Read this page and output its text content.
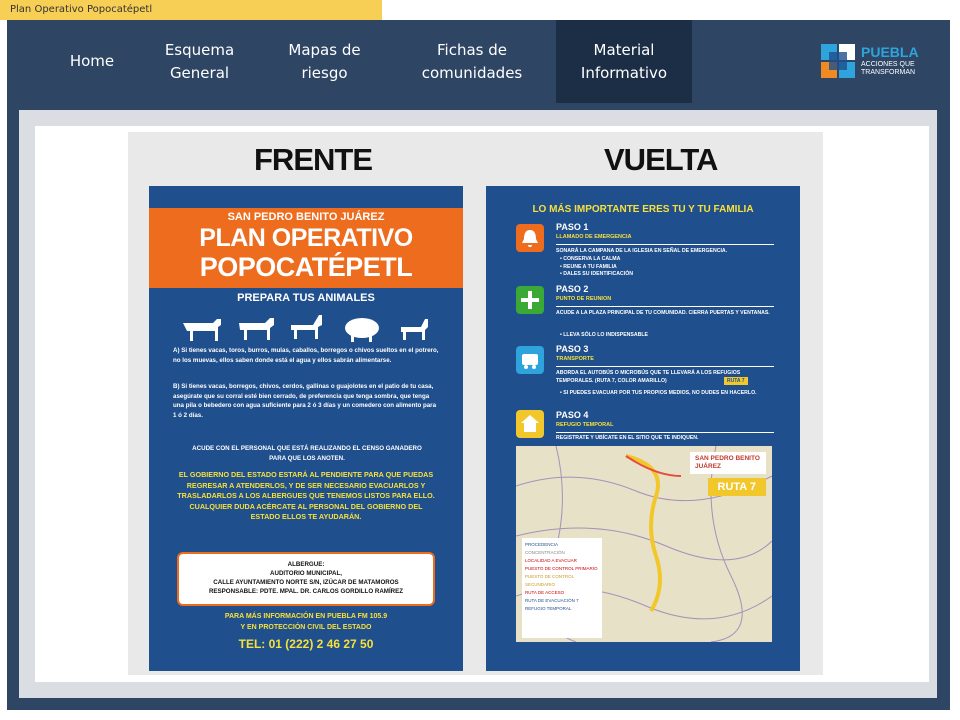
Plan Operativo Popocatépetl
Home
Esquema General
Mapas de riesgo
Fichas de comunidades
Material Informativo
PUEBLA
ACCIONES QUE
TRANSFORMAN
FRENTE	VUELTA
SAN PEDRO BENITO JUÁREZ
PLAN OPERATIVO
POPOCATÉPETL
PREPARA TUS ANIMALES
A) Si tienes vacas, toros, burros, mulas, caballos, borregos o chivos sueltos en el potrero, no los muevas, ellos saben donde está el agua y ellos sabrán alimentarse.
B) Si tienes vacas, borregos, chivos, cerdos, gallinas o guajolotes en el patio de tu casa, asegúrate que su corral esté bien cerrado, de preferencia que tenga sombra, que tenga una pila o bebedero con agua suficiente para 2 ó 3 días y un comedero con alimento para 1 ó 2 días.
ACUDE CON EL PERSONAL QUE ESTÁ REALIZANDO EL CENSO GANADERO PARA QUE LOS ANOTEN.
EL GOBIERNO DEL ESTADO ESTARÁ AL PENDIENTE PARA QUE PUEDAS REGRESAR A ATENDERLOS, Y DE SER NECESARIO EVACUARLOS Y TRASLADARLOS A LOS ALBERGUES QUE TENEMOS LISTOS PARA ELLO. CUALQUIER DUDA ACÉRCATE AL PERSONAL DEL GOBIERNO DEL ESTADO ELLOS TE AYUDARÁN.
ALBERGUE:
AUDITORIO MUNICIPAL,
CALLE AYUNTAMIENTO NORTE S/N, IZÚCAR DE MATAMOROS
RESPONSABLE: PDTE. MPAL. DR. CARLOS GORDILLO RAMÍREZ
PARA MÁS INFORMACIÓN EN PUEBLA FM 105.9
Y EN PROTECCIÓN CIVIL DEL ESTADO
TEL: 01 (222) 2 46 27 50
LO MÁS IMPORTANTE ERES TU Y TU FAMILIA
PASO 1
LLAMADO DE EMERGENCIA
SONARÁ LA CAMPANA DE LA IGLESIA EN SEÑAL DE EMERGENCIA.
• CONSERVA LA CALMA
• REUNE A TU FAMILIA
• DALES SU IDENTIFICACIÓN
PASO 2
PUNTO DE REUNION
ACUDE A LA PLAZA PRINCIPAL DE TU COMUNIDAD. CIERRA PUERTAS Y VENTANAS.
• LLEVA SÓLO LO INDISPENSABLE
PASO 3
TRANSPORTE
ABORDA EL AUTOBÚS O MICROBÚS QUE TE LLEVARÁ A LOS REFUGIOS TEMPORALES. (RUTA 7, COLOR AMARILLO)	RUTA 7
• SI PUEDES EVACUAR POR TUS PROPIOS MEDIOS, NO DUDES EN HACERLO.
PASO 4
REFUGIO TEMPORAL
REGISTRATE Y UBÍCATE EN EL SITIO QUE TE INDIQUEN.
SAN PEDRO BENITO JUÁREZ
RUTA 7
PROCEDENCIA
CONCENTRACIÓN
LOCALIDAD A EVACUAR
PUESTO DE CONTROL PRIMARIO
PUESTO DE CONTROL SECUNDARIO
RUTA DE ACCESO
RUTA DE EVACUACIÓN 7
REFUGIO TEMPORAL
